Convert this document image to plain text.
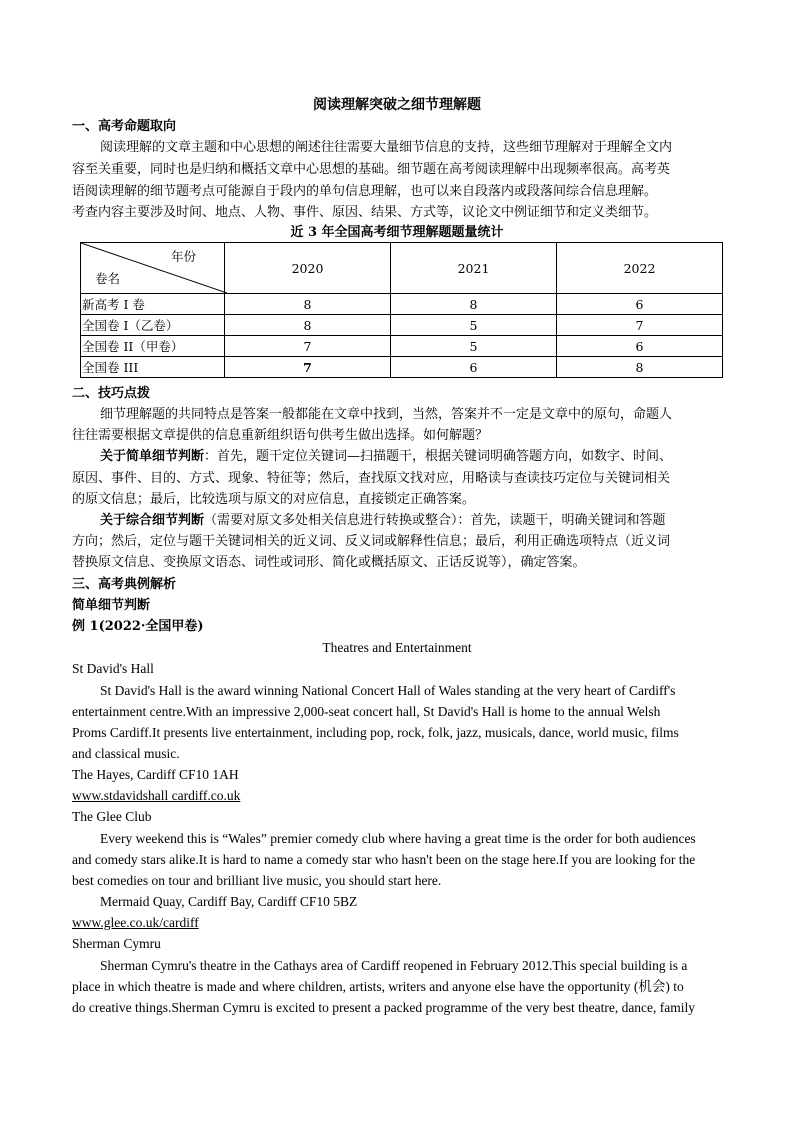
阅读理解突破之细节理解题
一、高考命题取向
阅读理解的文章主题和中心思想的阐述往往需要大量细节信息的支持，这些细节理解对于理解全文内
容至关重要，同时也是归纳和概括文章中心思想的基础。细节题在高考阅读理解中出现频率很高。高考英
语阅读理解的细节题考点可能源自于段内的单句信息理解，也可以来自段落内或段落间综合信息理解。
考查内容主要涉及时间、地点、人物、事件、原因、结果、方式等，议论文中例证细节和定义类细节。
近 3 年全国高考细节理解题题量统计
年份
卷名	2020	2021	2022
新高考 I 卷	8	8	6
全国卷 I（乙卷）	8	5	7
全国卷 II（甲卷）	7	5	6
全国卷 III	7	6	8
二、技巧点拨
细节理解题的共同特点是答案一般都能在文章中找到，当然，答案并不一定是文章中的原句，命题人
往往需要根据文章提供的信息重新组织语句供考生做出选择。如何解题？
关于简单细节判断：首先，题干定位关键词—扫描题干，根据关键词明确答题方向，如数字、时间、
原因、事件、目的、方式、现象、特征等；然后，查找原文找对应，用略读与查读技巧定位与关键词相关
的原文信息；最后，比较选项与原文的对应信息，直接锁定正确答案。
关于综合细节判断（需要对原文多处相关信息进行转换或整合）：首先，读题干，明确关键词和答题
方向；然后，定位与题干关键词相关的近义词、反义词或解释性信息；最后，利用正确选项特点（近义词
替换原文信息、变换原文语态、词性或词形、简化或概括原文、正话反说等），确定答案。
三、高考典例解析
简单细节判断
例 1(2022·全国甲卷)
Theatres and Entertainment
St David's Hall
St David's Hall is the award winning National Concert Hall of Wales standing at the very heart of Cardiff's
entertainment centre.With an impressive 2,000-seat concert hall, St David's Hall is home to the annual Welsh
Proms Cardiff.It presents live entertainment, including pop, rock, folk, jazz, musicals, dance, world music, films
and classical music.
The Hayes, Cardiff CF10 1AH
www.stdavidshall cardiff.co.uk
The Glee Club
Every weekend this is “Wales” premier comedy club where having a great time is the order for both audiences
and comedy stars alike.It is hard to name a comedy star who hasn't been on the stage here.If you are looking for the
best comedies on tour and brilliant live music, you should start here.
Mermaid Quay, Cardiff Bay, Cardiff CF10 5BZ
www.glee.co.uk/cardiff
Sherman Cymru
Sherman Cymru's theatre in the Cathays area of Cardiff reopened in February 2012.This special building is a
place in which theatre is made and where children, artists, writers and anyone else have the opportunity (机会) to
do creative things.Sherman Cymru is excited to present a packed programme of the very best theatre, dance, family
